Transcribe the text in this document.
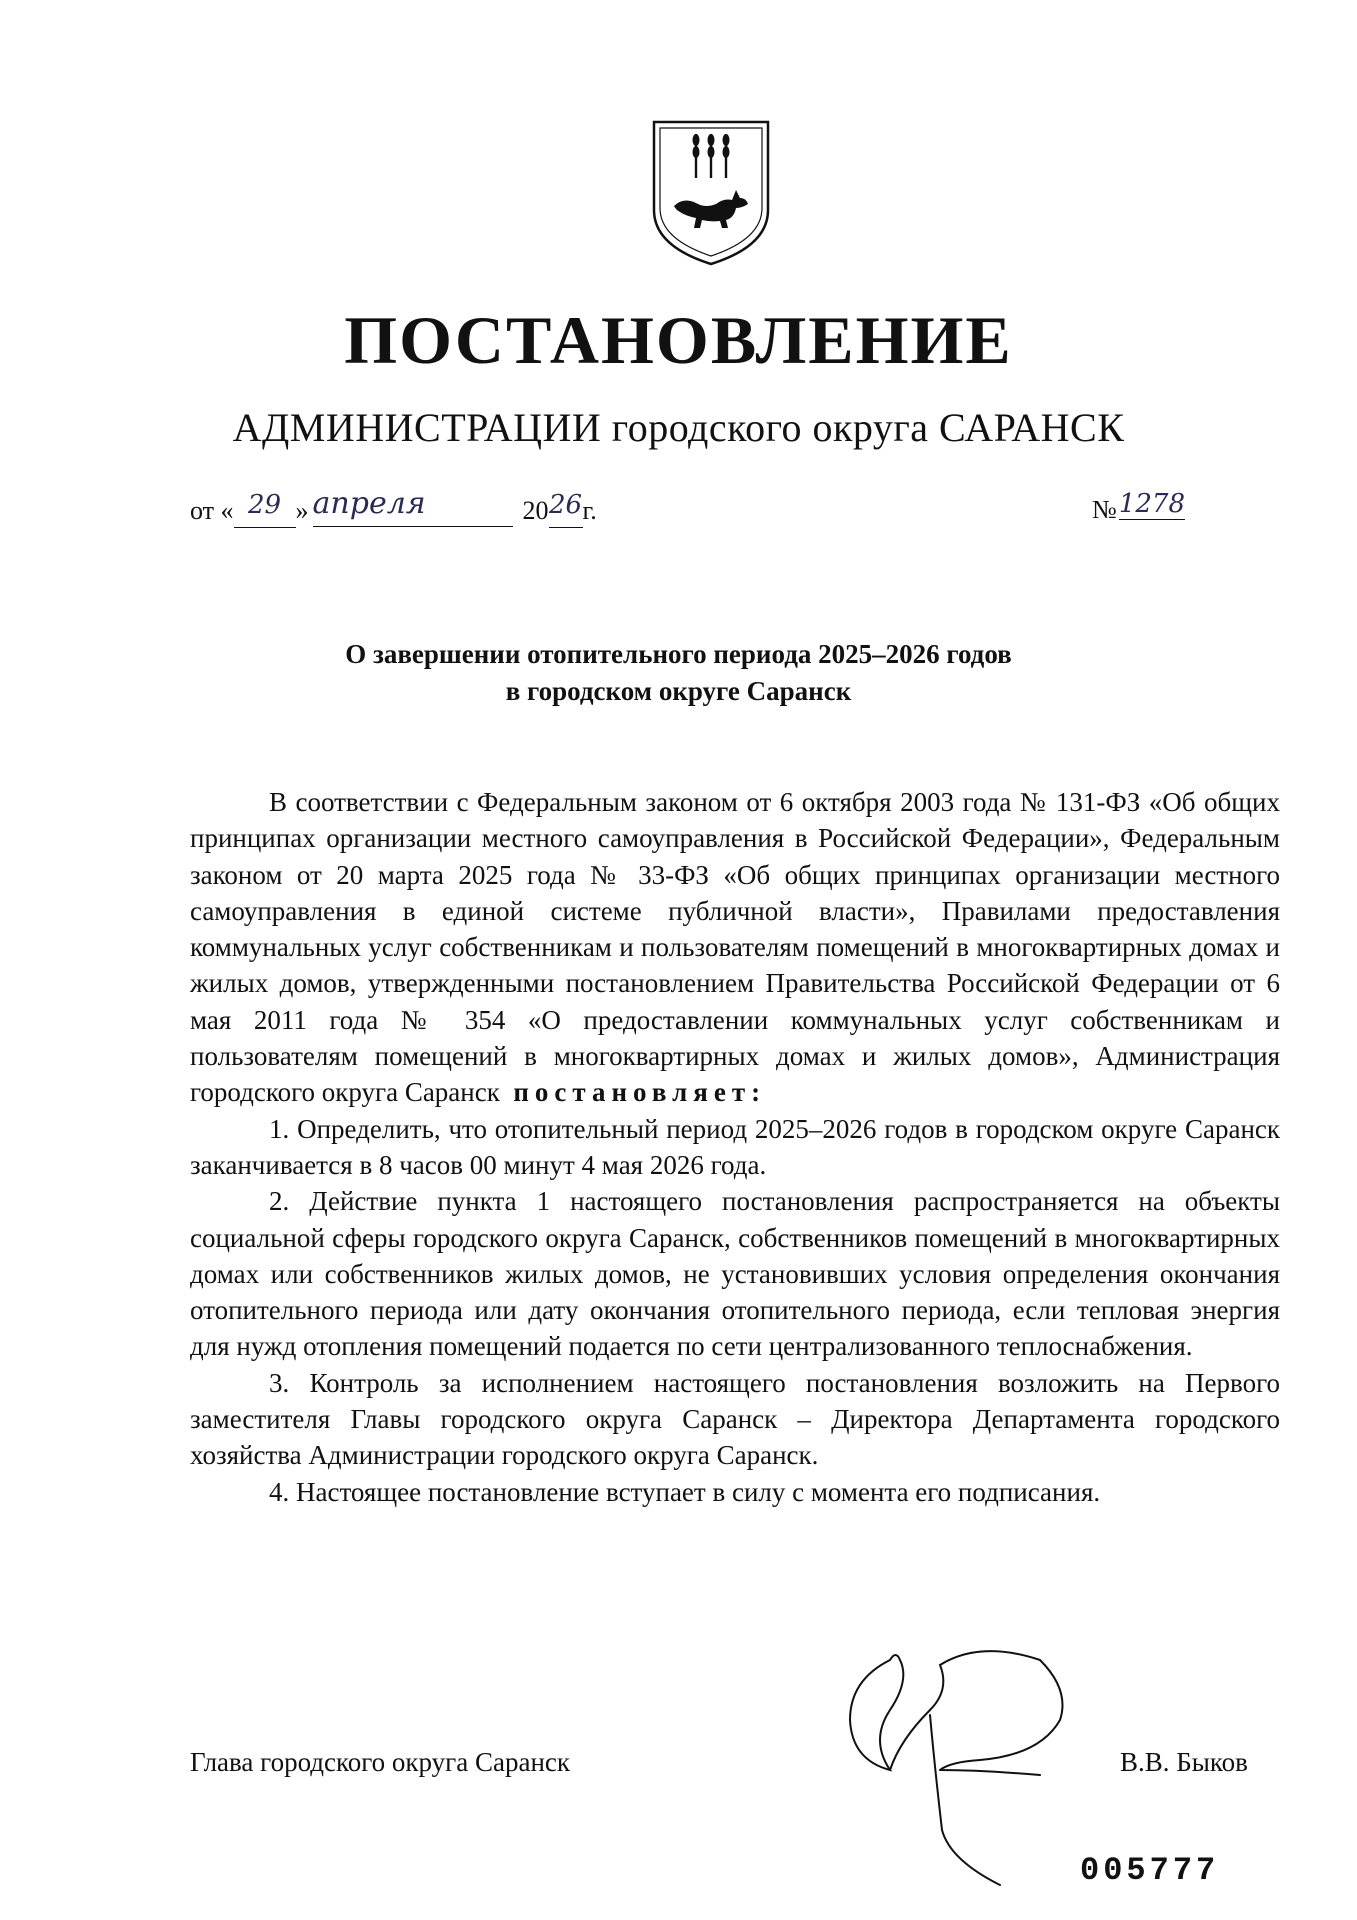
ПОСТАНОВЛЕНИЕ
АДМИНИСТРАЦИИ городского округа САРАНСК
от « 29 » апреля	2026г.	№1278
О завершении отопительного периода 2025–2026 годов
в городском округе Саранск

В соответствии с Федеральным законом от 6 октября 2003 года № 131-ФЗ «Об общих принципах организации местного самоуправления в Российской Федерации», Федеральным законом от 20 марта 2025 года № 33-ФЗ «Об общих принципах организации местного самоуправления в единой системе публичной власти», Правилами предоставления коммунальных услуг собственникам и пользователям помещений в многоквартирных домах и жилых домов, утвержденными постановлением Правительства Российской Федерации от 6 мая 2011 года № 354 «О предоставлении коммунальных услуг собственникам и пользователям помещений в многоквартирных домах и жилых домов», Администрация городского округа Саранск постановляет:

1. Определить, что отопительный период 2025–2026 годов в городском округе Саранск заканчивается в 8 часов 00 минут 4 мая 2026 года.

2. Действие пункта 1 настоящего постановления распространяется на объекты социальной сферы городского округа Саранск, собственников помещений в многоквартирных домах или собственников жилых домов, не установивших условия определения окончания отопительного периода или дату окончания отопительного периода, если тепловая энергия для нужд отопления помещений подается по сети централизованного теплоснабжения.

3. Контроль за исполнением настоящего постановления возложить на Первого заместителя Главы городского округа Саранск – Директора Департамента городского хозяйства Администрации городского округа Саранск.

4. Настоящее постановление вступает в силу с момента его подписания.

Глава городского округа Саранск	В.В. Быков
005777
